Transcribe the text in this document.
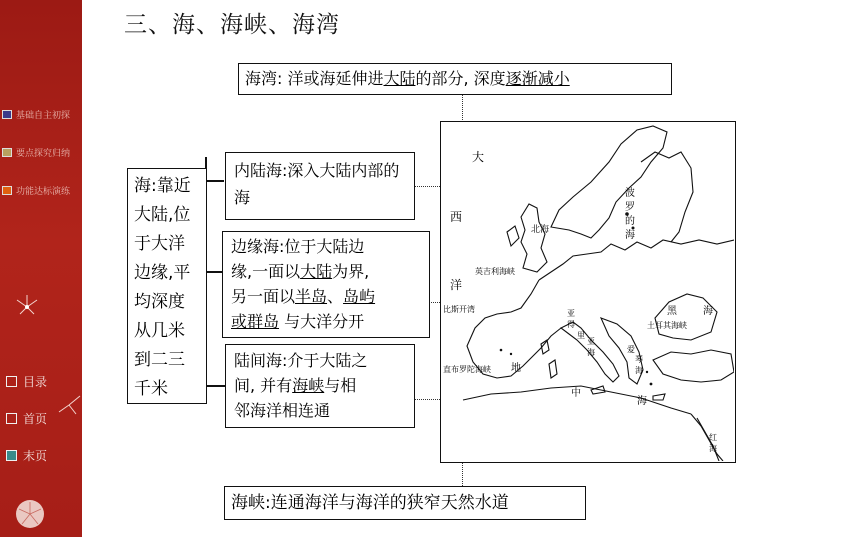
基础自主初探
要点探究归纳
功能达标演练
目录
首页
末页
三、海、海峡、海湾
海湾: 洋或海延伸进大陆的部分, 深度逐渐减小
海:靠近大陆,位于大洋边缘,平均深度从几米到二三千米
内陆海:深入大陆内部的海
边缘海:位于大陆边
缘,一面以大陆为界,
另一面以半岛、岛屿
或群岛 与大洋分开
陆间海:介于大陆之
间, 并有海峡与相
邻海洋相连通
海峡:连通海洋与海洋的狭窄天然水道
大
西
洋
北海
英吉利海峡
比斯开湾
波
罗
的
海
黑	海
土耳其海峡
直布罗陀海峡 地
中
海
亚
得
里
亚
海	爱
琴
海
红
海
